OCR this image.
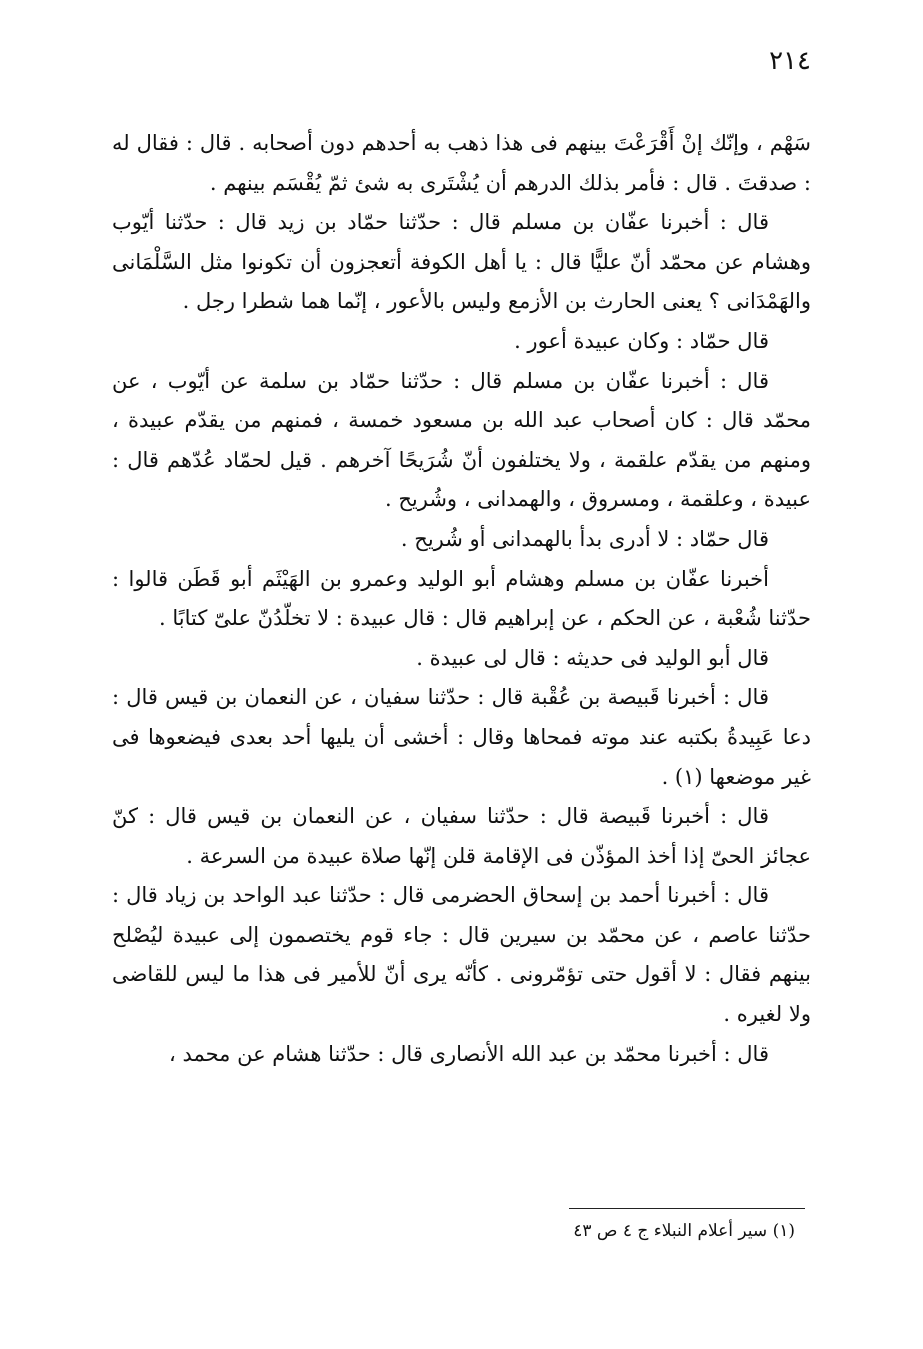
٢١٤

سَهْم ، وإنّك إنْ أَقْرَعْتَ بينهم فى هذا ذهب به أحدهم دون أصحابه . قال : فقال له : صدقتَ . قال : فأمر بذلك الدرهم أن يُشْتَرى به شئ ثمّ يُقْسَم بينهم .

قال : أخبرنا عفّان بن مسلم قال : حدّثنا حمّاد بن زيد قال : حدّثنا أيّوب وهشام عن محمّد أنّ عليًّا قال : يا أهل الكوفة أتعجزون أن تكونوا مثل السَّلْمَانى والهَمْدَانى ؟ يعنى الحارث بن الأزمع وليس بالأعور ، إنّما هما شطرا رجل .

قال حمّاد : وكان عبيدة أعور .

قال : أخبرنا عفّان بن مسلم قال : حدّثنا حمّاد بن سلمة عن أيّوب ، عن محمّد قال : كان أصحاب عبد الله بن مسعود خمسة ، فمنهم من يقدّم عبيدة ، ومنهم من يقدّم علقمة ، ولا يختلفون أنّ شُرَيحًا آخرهم . قيل لحمّاد عُدّهم قال : عبيدة ، وعلقمة ، ومسروق ، والهمدانى ، وشُريح .

قال حمّاد : لا أدرى بدأ بالهمدانى أو شُريح .

أخبرنا عفّان بن مسلم وهشام أبو الوليد وعمرو بن الهَيْثَم أبو قَطَن قالوا : حدّثنا شُعْبة ، عن الحكم ، عن إبراهيم قال : قال عبيدة : لا تخلّدُنّ علىّ كتابًا .

قال أبو الوليد فى حديثه : قال لى عبيدة .

قال : أخبرنا قَبيصة بن عُقْبة قال : حدّثنا سفيان ، عن النعمان بن قيس قال : دعا عَبِيدةُ بكتبه عند موته فمحاها وقال : أخشى أن يليها أحد بعدى فيضعوها فى غير موضعها (١) .

قال : أخبرنا قَبيصة قال : حدّثنا سفيان ، عن النعمان بن قيس قال : كنّ عجائز الحىّ إذا أخذ المؤذّن فى الإقامة قلن إنّها صلاة عبيدة من السرعة .

قال : أخبرنا أحمد بن إسحاق الحضرمى قال : حدّثنا عبد الواحد بن زياد قال : حدّثنا عاصم ، عن محمّد بن سيرين قال : جاء قوم يختصمون إلى عبيدة ليُصْلح بينهم فقال : لا أقول حتى تؤمّرونى . كأنّه يرى أنّ للأمير فى هذا ما ليس للقاضى ولا لغيره .

قال : أخبرنا محمّد بن عبد الله الأنصارى قال : حدّثنا هشام عن محمد ،

(١) سير أعلام النبلاء ج ٤ ص ٤٣
